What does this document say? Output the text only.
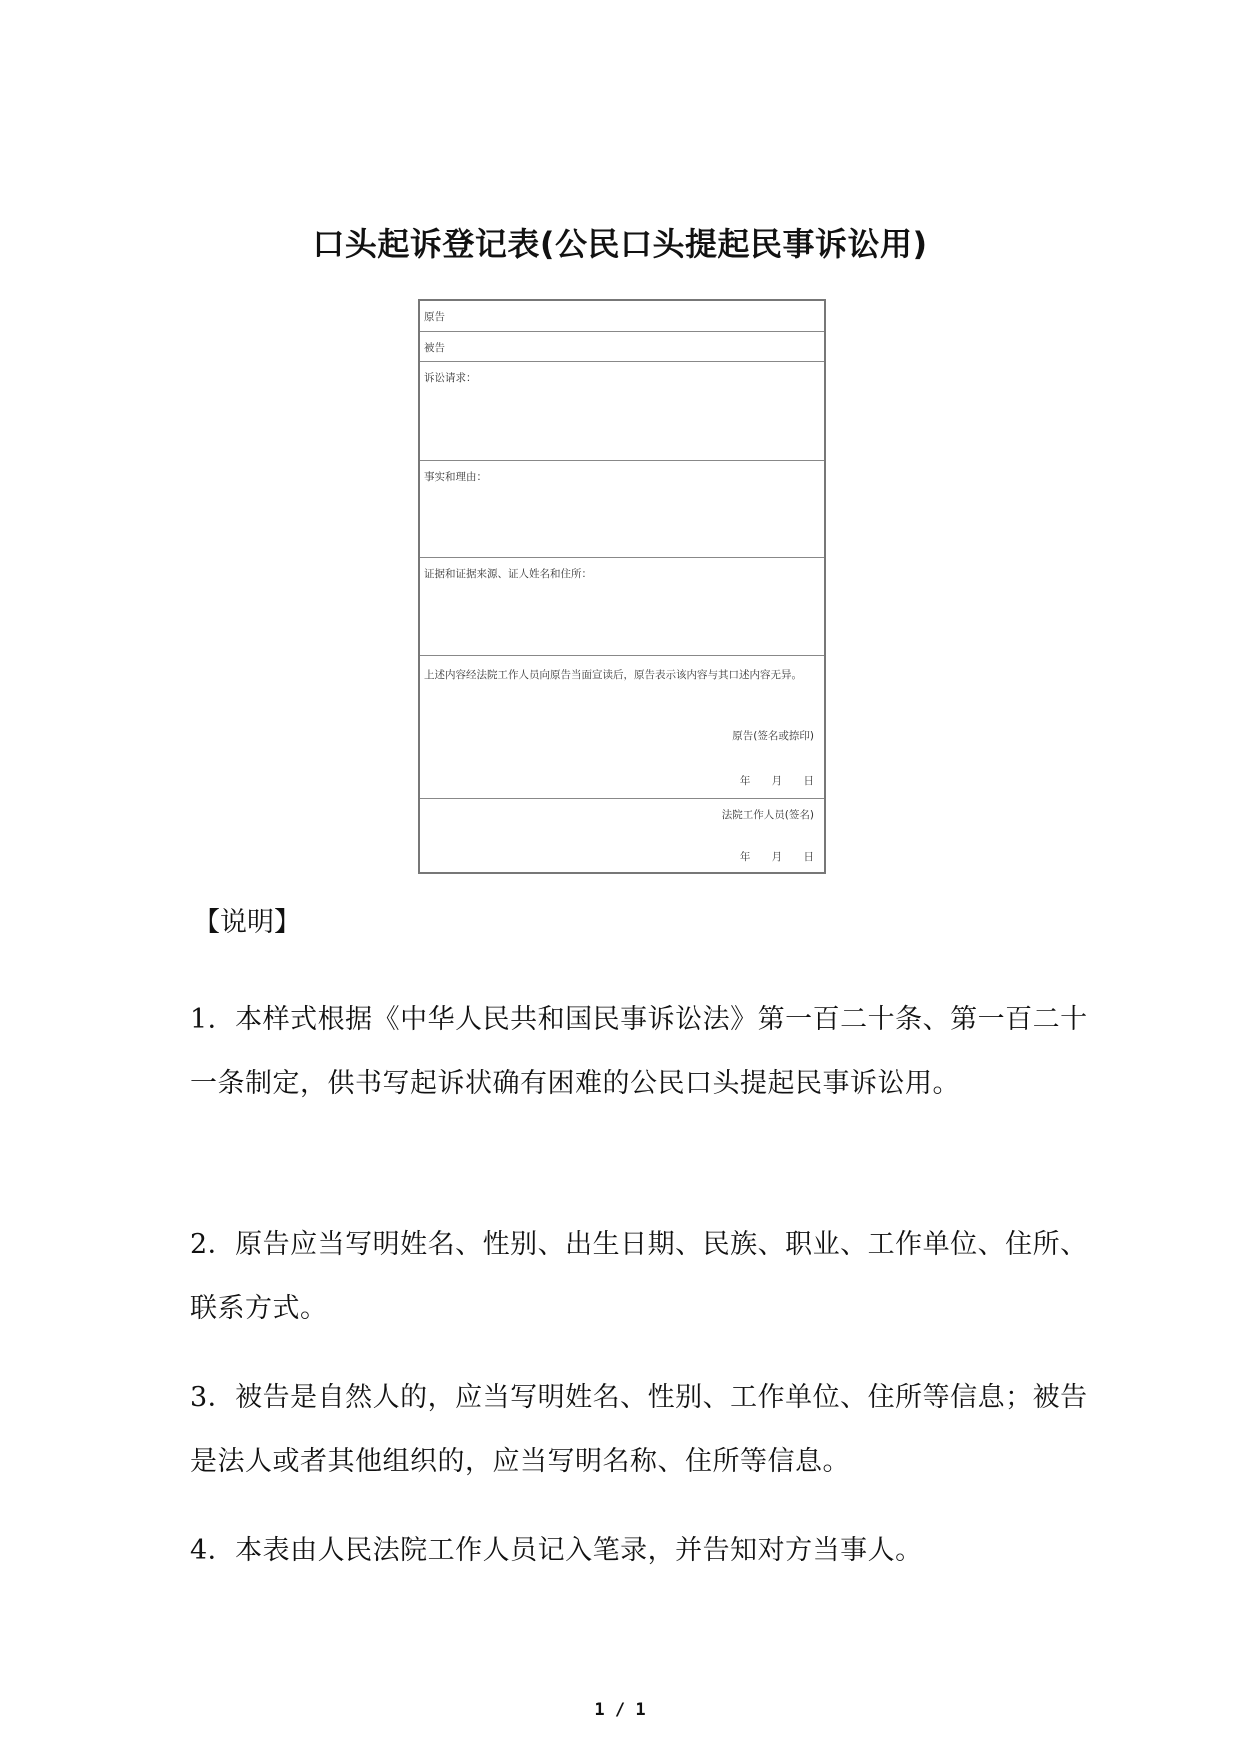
口头起诉登记表(公民口头提起民事诉讼用)
原告
被告
诉讼请求：
事实和理由：
证据和证据来源、证人姓名和住所：
上述内容经法院工作人员向原告当面宣读后，原告表示该内容与其口述内容无异。
原告(签名或捺印)
年 月 日
法院工作人员(签名)
年 月 日
【说明】
1．本样式根据《中华人民共和国民事诉讼法》第一百二十条、第一百二十一条制定，供书写起诉状确有困难的公民口头提起民事诉讼用。
2．原告应当写明姓名、性别、出生日期、民族、职业、工作单位、住所、联系方式。
3．被告是自然人的，应当写明姓名、性别、工作单位、住所等信息；被告是法人或者其他组织的，应当写明名称、住所等信息。
4．本表由人民法院工作人员记入笔录，并告知对方当事人。
1 / 1
